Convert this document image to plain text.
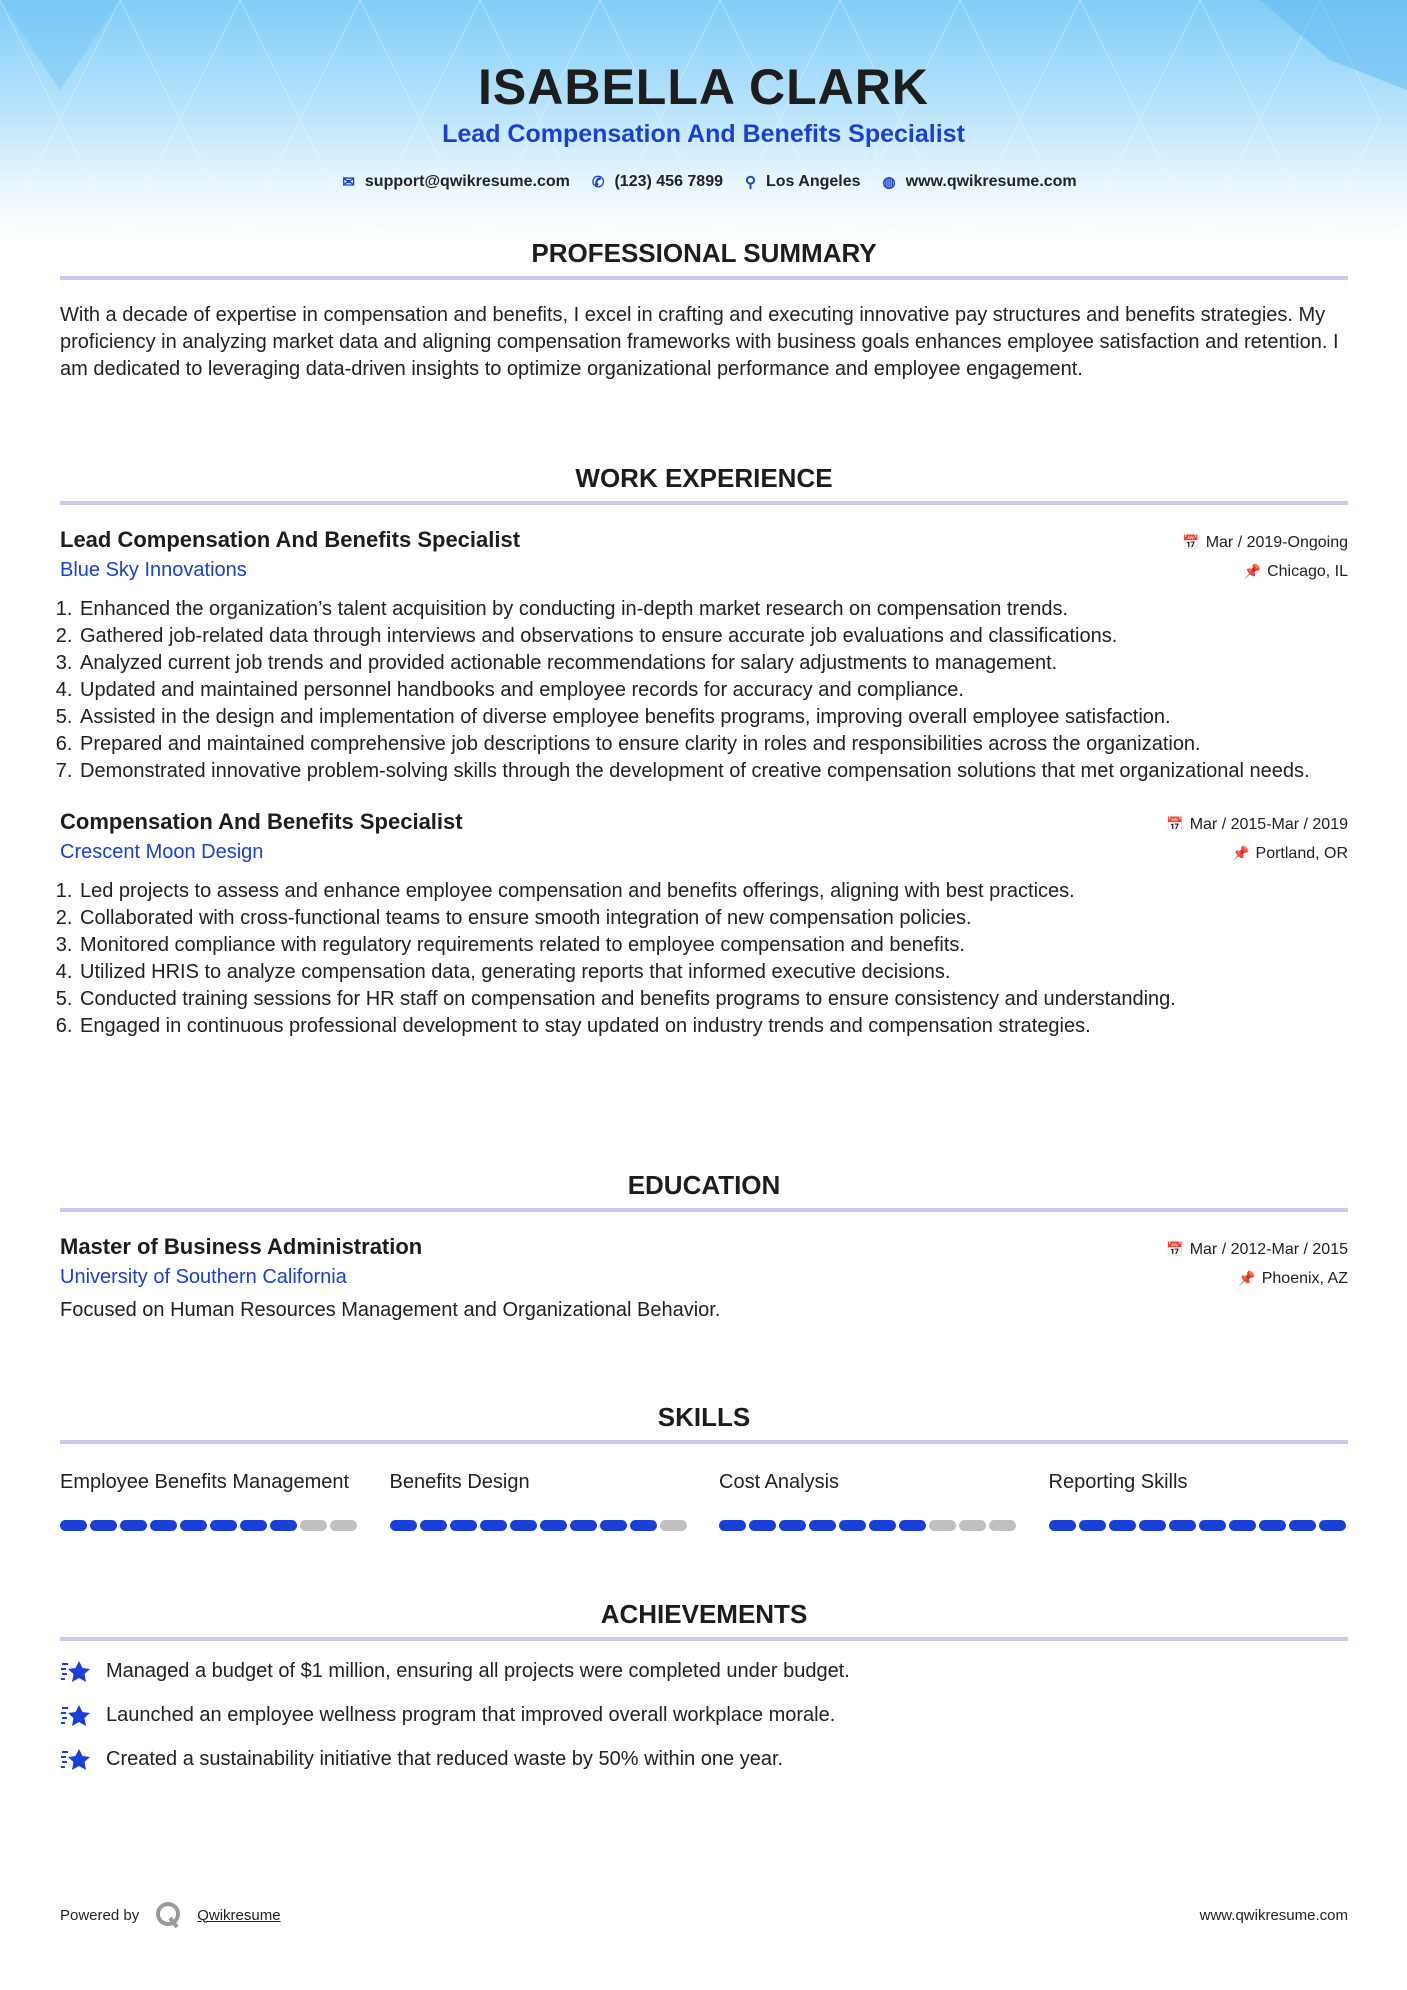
ISABELLA CLARK
Lead Compensation And Benefits Specialist
✉ support@qwikresume.com ✆ (123) 456 7899 ⚲ Los Angeles ◍ www.qwikresume.com
PROFESSIONAL SUMMARY
With a decade of expertise in compensation and benefits, I excel in crafting and executing innovative pay structures and benefits strategies. My proficiency in analyzing market data and aligning compensation frameworks with business goals enhances employee satisfaction and retention. I am dedicated to leveraging data-driven insights to optimize organizational performance and employee engagement.
WORK EXPERIENCE
Lead Compensation And Benefits Specialist	📅 Mar / 2019-Ongoing
Blue Sky Innovations	📌 Chicago, IL
1. Enhanced the organization’s talent acquisition by conducting in-depth market research on compensation trends.
2. Gathered job-related data through interviews and observations to ensure accurate job evaluations and classifications.
3. Analyzed current job trends and provided actionable recommendations for salary adjustments to management.
4. Updated and maintained personnel handbooks and employee records for accuracy and compliance.
5. Assisted in the design and implementation of diverse employee benefits programs, improving overall employee satisfaction.
6. Prepared and maintained comprehensive job descriptions to ensure clarity in roles and responsibilities across the organization.
7. Demonstrated innovative problem-solving skills through the development of creative compensation solutions that met organizational needs.
Compensation And Benefits Specialist	📅 Mar / 2015-Mar / 2019
Crescent Moon Design	📌 Portland, OR
1. Led projects to assess and enhance employee compensation and benefits offerings, aligning with best practices.
2. Collaborated with cross-functional teams to ensure smooth integration of new compensation policies.
3. Monitored compliance with regulatory requirements related to employee compensation and benefits.
4. Utilized HRIS to analyze compensation data, generating reports that informed executive decisions.
5. Conducted training sessions for HR staff on compensation and benefits programs to ensure consistency and understanding.
6. Engaged in continuous professional development to stay updated on industry trends and compensation strategies.
EDUCATION
Master of Business Administration	📅 Mar / 2012-Mar / 2015
University of Southern California	📌 Phoenix, AZ
Focused on Human Resources Management and Organizational Behavior.
SKILLS
Employee Benefits Management	Benefits Design	Cost Analysis	Reporting Skills
ACHIEVEMENTS
Managed a budget of $1 million, ensuring all projects were completed under budget.
Launched an employee wellness program that improved overall workplace morale.
Created a sustainability initiative that reduced waste by 50% within one year.
Powered by	Qwikresume	www.qwikresume.com
